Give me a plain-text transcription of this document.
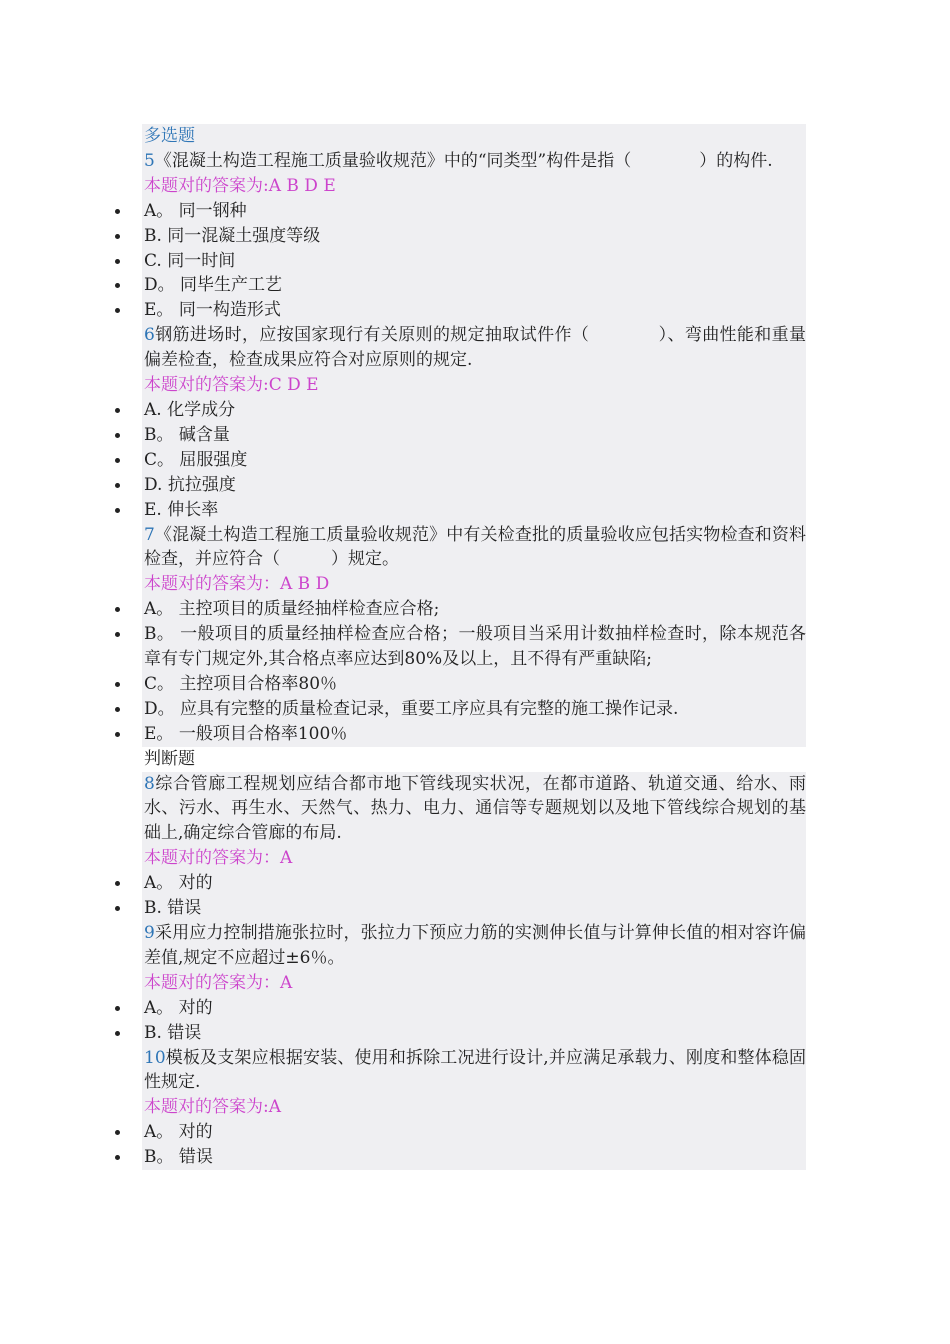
多选题
5《混凝土构造工程施工质量验收规范》中的“同类型”构件是指（　　　　）的构件.
本题对的答案为:A B D E
A。 同一钢种
B. 同一混凝土强度等级
C. 同一时间
D。 同毕生产工艺
E。 同一构造形式
6钢筋进场时，应按国家现行有关原则的规定抽取试件作（　　　　）、弯曲性能和重量偏差检查，检查成果应符合对应原则的规定.
本题对的答案为:C D E
A. 化学成分
B。 碱含量
C。 屈服强度
D. 抗拉强度
E. 伸长率
7《混凝土构造工程施工质量验收规范》中有关检查批的质量验收应包括实物检查和资料检查，并应符合（　　　）规定。
本题对的答案为：A B D
A。 主控项目的质量经抽样检查应合格;
B。 一般项目的质量经抽样检查应合格；一般项目当采用计数抽样检查时，除本规范各章有专门规定外,其合格点率应达到80%及以上，且不得有严重缺陷;
C。 主控项目合格率80％
D。 应具有完整的质量检查记录，重要工序应具有完整的施工操作记录.
E。 一般项目合格率100％
判断题
8综合管廊工程规划应结合都市地下管线现实状况，在都市道路、轨道交通、给水、雨水、污水、再生水、天然气、热力、电力、通信等专题规划以及地下管线综合规划的基础上,确定综合管廊的布局.
本题对的答案为：A
A。 对的
B. 错误
9采用应力控制措施张拉时，张拉力下预应力筋的实测伸长值与计算伸长值的相对容许偏差值,规定不应超过±6％。
本题对的答案为：A
A。 对的
B. 错误
10模板及支架应根据安装、使用和拆除工况进行设计,并应满足承载力、刚度和整体稳固性规定.
本题对的答案为:A
A。 对的
B。 错误
